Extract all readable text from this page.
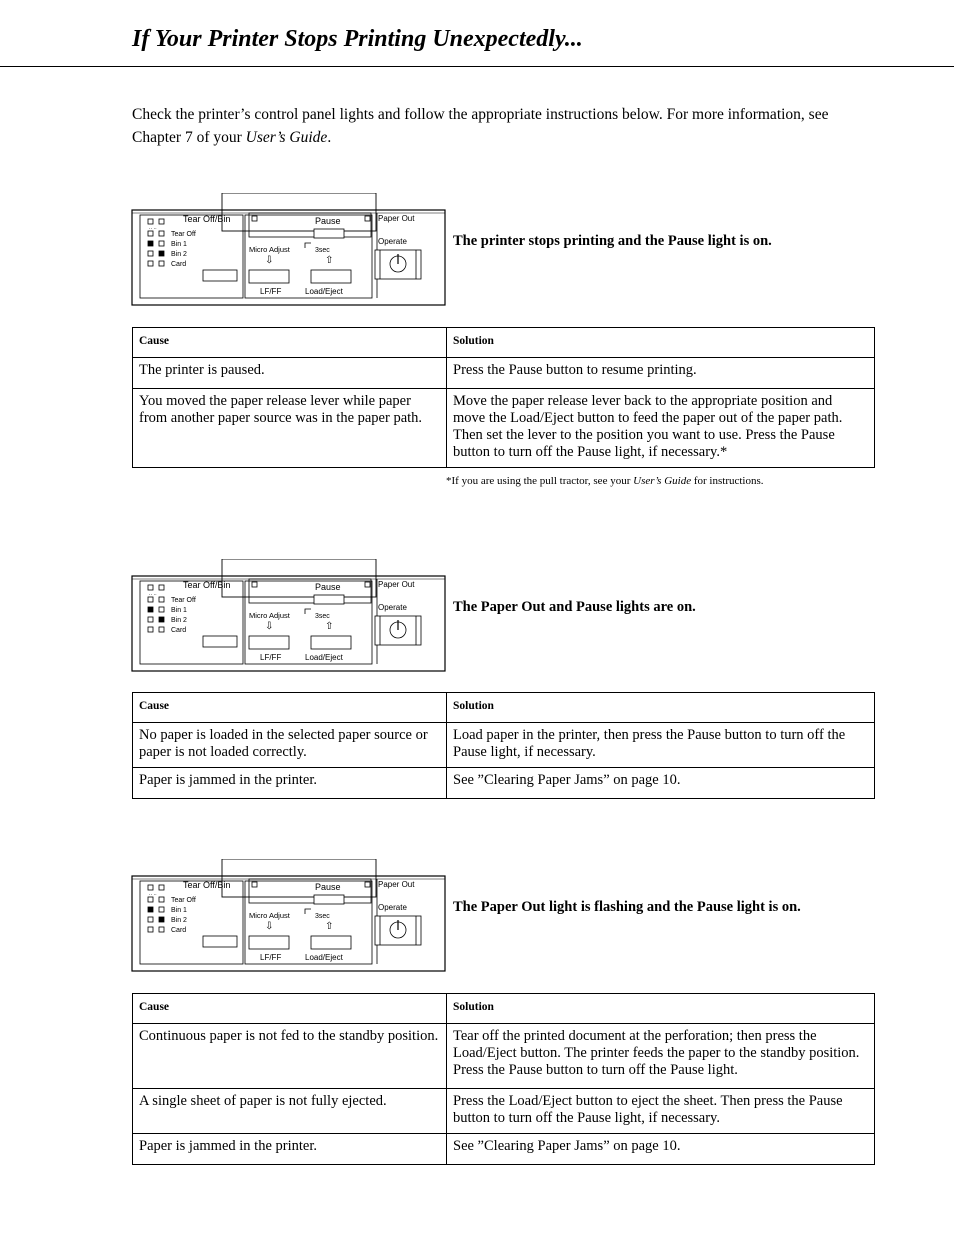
If Your Printer Stops Printing Unexpectedly...

Check the printer’s control panel lights and follow the appropriate instructions below. For more information, see Chapter 7 of your User’s Guide.

.. ..
Tear Off/Bin
Tear Off
Bin 1
Bin 2
Card
Pause	Paper Out
Operate
Micro Adjust	3sec
⇩	⇧
LF/FF	Load/Eject

The printer stops printing and the Pause light is on.

Cause	Solution
The printer is paused.	Press the Pause button to resume printing.
You moved the paper release lever while paper from another paper source was in the paper path.	Move the paper release lever back to the appropriate position and move the Load/Eject button to feed the paper out of the paper path. Then set the lever to the position you want to use. Press the Pause button to turn off the Pause light, if necessary.*
*If you are using the pull tractor, see your User’s Guide for instructions.
.. ..
Tear Off/Bin
Tear Off
Bin 1
Bin 2
Card
Pause	Paper Out
Operate
Micro Adjust	3sec
⇩	⇧
LF/FF	Load/Eject

The Paper Out and Pause lights are on.

Cause	Solution
No paper is loaded in the selected paper source or paper is not loaded correctly.	Load paper in the printer, then press the Pause button to turn off the Pause light, if necessary.
Paper is jammed in the printer.	See ”Clearing Paper Jams” on page 10.
.. ..
Tear Off/Bin
Tear Off
Bin 1
Bin 2
Card
Pause	Paper Out
Operate
Micro Adjust	3sec
⇩	⇧
LF/FF	Load/Eject

The Paper Out light is flashing and the Pause light is on.

Cause	Solution
Continuous paper is not fed to the standby position.	Tear off the printed document at the perforation; then press the Load/Eject button. The printer feeds the paper to the standby position. Press the Pause button to turn off the Pause light.
A single sheet of paper is not fully ejected.	Press the Load/Eject button to eject the sheet. Then press the Pause button to turn off the Pause light, if necessary.
Paper is jammed in the printer.	See ”Clearing Paper Jams” on page 10.
